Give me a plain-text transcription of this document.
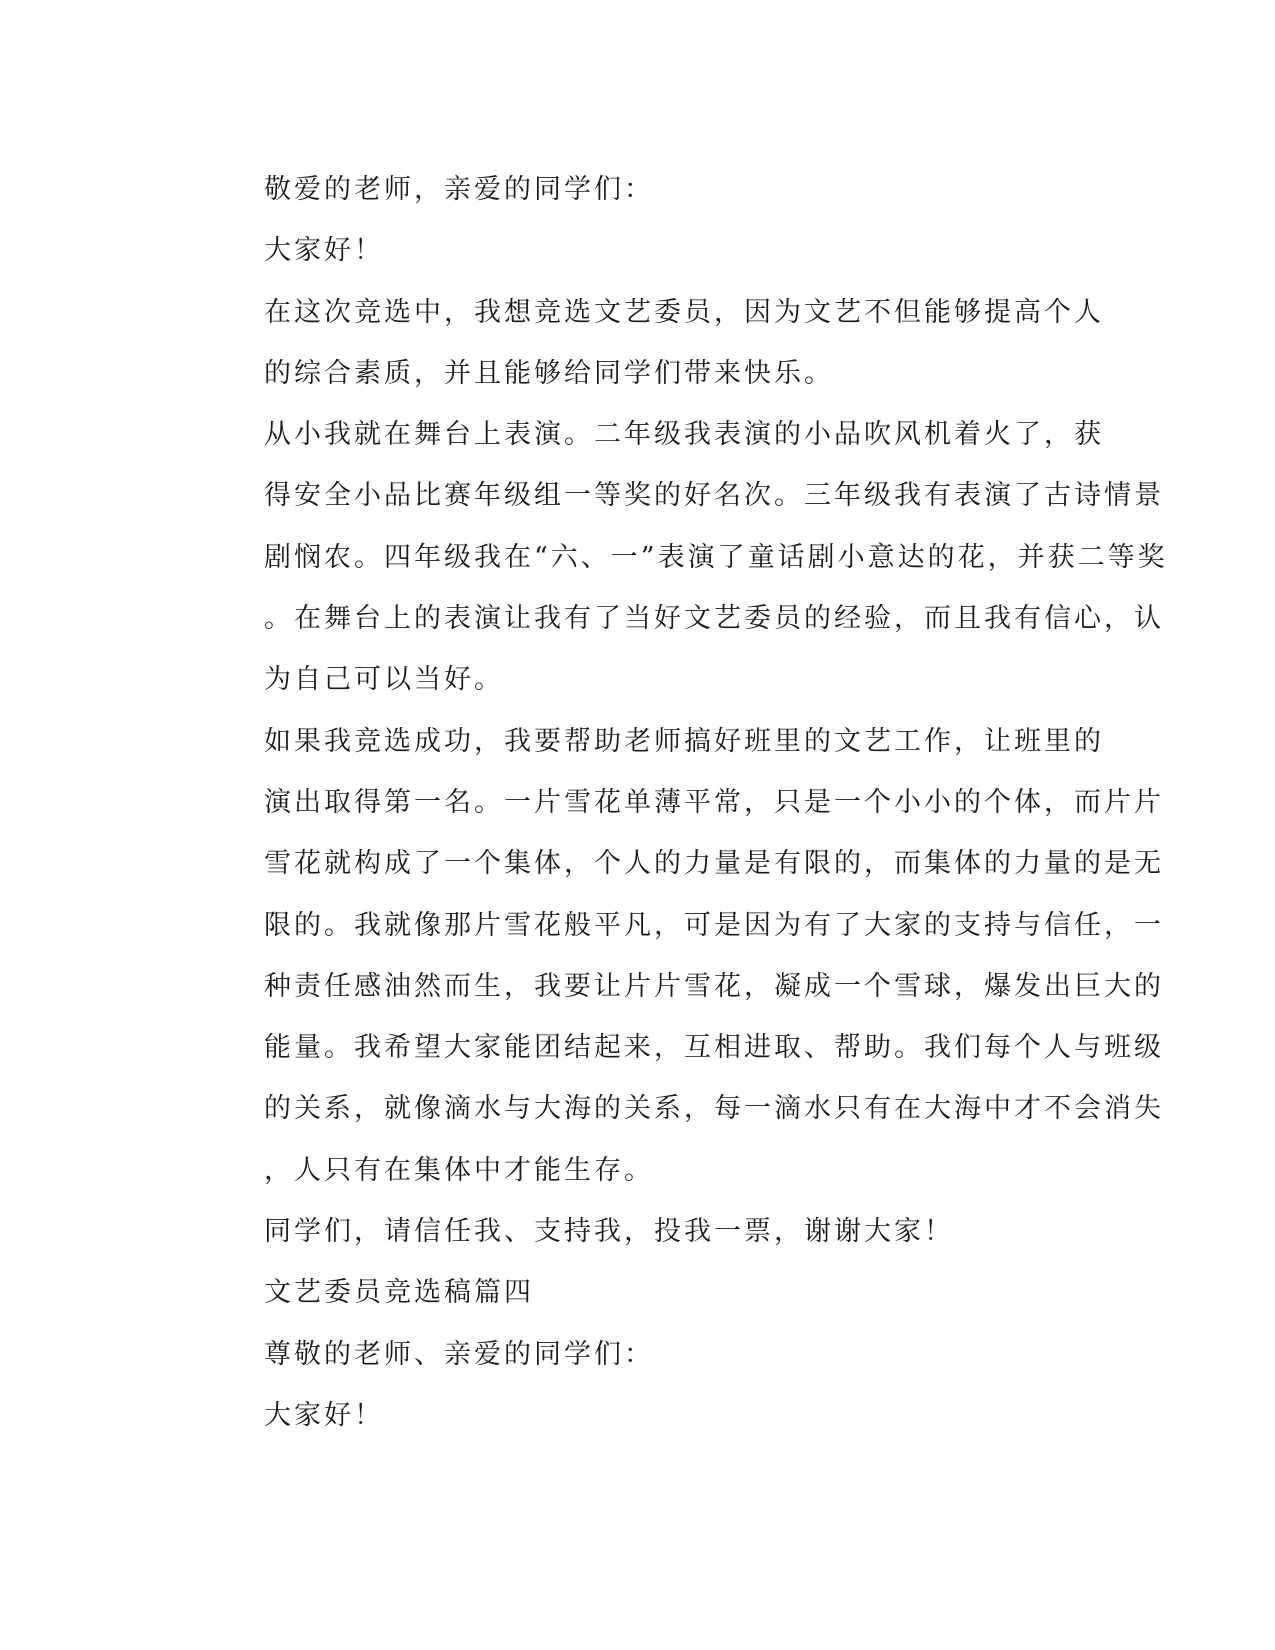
敬爱的老师，亲爱的同学们：

大家好！

在这次竞选中，我想竞选文艺委员，因为文艺不但能够提高个人
的综合素质，并且能够给同学们带来快乐。

从小我就在舞台上表演。二年级我表演的小品吹风机着火了，获
得安全小品比赛年级组一等奖的好名次。三年级我有表演了古诗情景
剧悯农。四年级我在“六、一”表演了童话剧小意达的花，并获二等奖
。在舞台上的表演让我有了当好文艺委员的经验，而且我有信心，认
为自己可以当好。

如果我竞选成功，我要帮助老师搞好班里的文艺工作，让班里的
演出取得第一名。一片雪花单薄平常，只是一个小小的个体，而片片
雪花就构成了一个集体，个人的力量是有限的，而集体的力量的是无
限的。我就像那片雪花般平凡，可是因为有了大家的支持与信任，一
种责任感油然而生，我要让片片雪花，凝成一个雪球，爆发出巨大的
能量。我希望大家能团结起来，互相进取、帮助。我们每个人与班级
的关系，就像滴水与大海的关系，每一滴水只有在大海中才不会消失
，人只有在集体中才能生存。

同学们，请信任我、支持我，投我一票，谢谢大家！

文艺委员竞选稿篇四

尊敬的老师、亲爱的同学们：

大家好！
